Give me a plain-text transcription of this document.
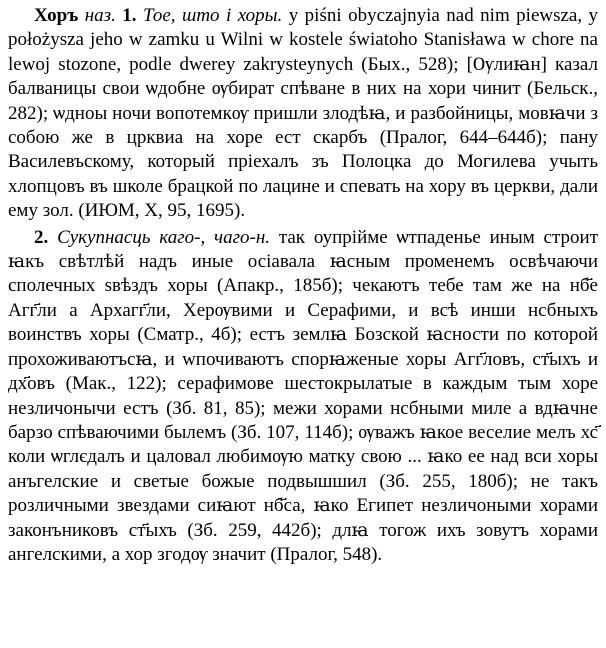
Хоръ наз. 1. Тое, што і хоры. у piśni obyczajnyia nad nim piewsza, y położyszа jeho w zamku u Wilni w kostele światoho Stanisława w chore na lewoj stozone, podle dwerey zakrysteynych (Бых., 528); [Ѹлиꙗн] казал балваницы свои ѡдобне ѹбират спѣване в них на хори чинит (Бельск., 282); ѡдноы ночи вопотемкѹ пришли злодѣꙗ, и разбойницы, мовꙗчи з собою же в црквиа на хоре ест скарбъ (Пралог, 644–644б); пану Василевъскому, который пріехалъ зъ Полоцка до Могилева учыть хлопцовъ въ школе брацкой по лацине и спевать на хору въ церкви, дали ему зол. (ИЮМ, X, 95, 1695).

2. Сукупнасць каго-, чаго-н. так оупрійме ѡтпаденье иным строит ꙗкъ свѣтлѣй надъ иные осіавала ꙗсным променемъ освѣчаючи сполечных ѕвѣздъ хоры (Апакр., 185б); чекаютъ тебе там же на нб҃е Агг҃ли а Архагг҃ли, Херѹвими и Серафими, и всѣ инши нсбныхъ воинствъ хоры (Сматр., 4б); естъ землꙗ Бозской ꙗсности по которой прохоживаютъсꙗ, и wпочиваютъ спорꙗженые хоры Агг҃ловъ, ст҃ыхъ и дх҃овъ (Мак., 122); серафимове шестокрылатые в каждым тым хоре незличонычи естъ (Зб. 81, 85); межи хорами нсбными миле а вдꙗчне барзо спѣваючими былемъ (Зб. 107, 114б); ѹважъ ꙗкое веселие мелъ хс҃ коли ѡглєдалъ и цаловал любимѹю матку свою ... ꙗко ее над вси хоры анъгелские и светые божые подвышшил (Зб. 255, 180б); не такъ розличными звездами сиꙗют нб҃са, ꙗко Египет незличоными хорами законъниковъ ст҃ыхъ (Зб. 259, 442б); длꙗ тогож ихъ зовутъ хорами ангелскими, а хор згодѹ значит (Пралог, 548).
